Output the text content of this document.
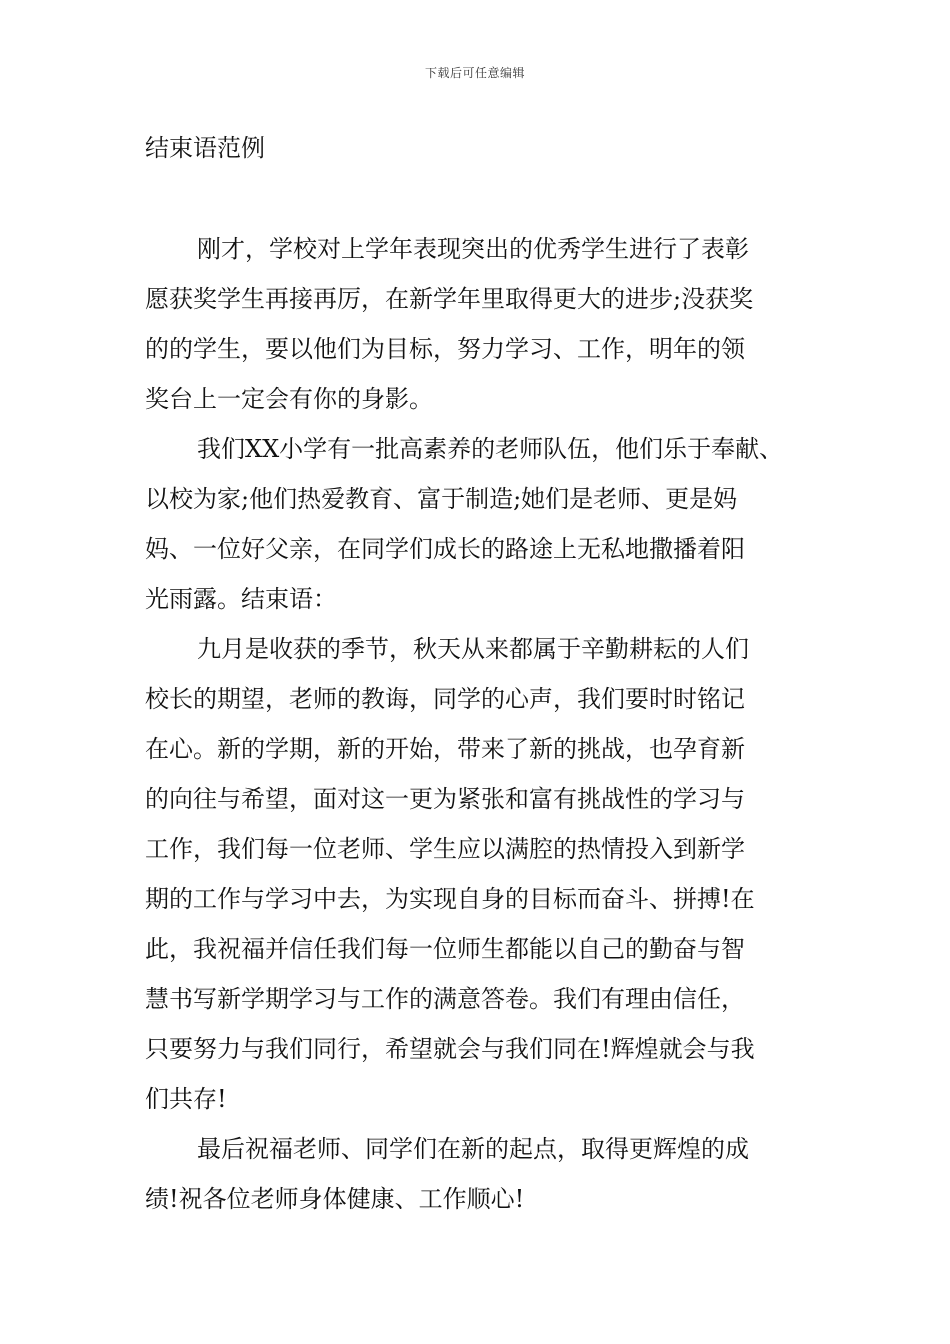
下载后可任意编辑
结束语范例
刚才，学校对上学年表现突出的优秀学生进行了表彰
愿获奖学生再接再厉，在新学年里取得更大的进步;没获奖
的的学生，要以他们为目标，努力学习、工作，明年的领
奖台上一定会有你的身影。
我们XX小学有一批高素养的老师队伍，他们乐于奉献、
以校为家;他们热爱教育、富于制造;她们是老师、更是妈
妈、一位好父亲，在同学们成长的路途上无私地撒播着阳
光雨露。结束语：
九月是收获的季节，秋天从来都属于辛勤耕耘的人们
校长的期望，老师的教诲，同学的心声，我们要时时铭记
在心。新的学期，新的开始，带来了新的挑战，也孕育新
的向往与希望，面对这一更为紧张和富有挑战性的学习与
工作，我们每一位老师、学生应以满腔的热情投入到新学
期的工作与学习中去，为实现自身的目标而奋斗、拼搏!在
此，我祝福并信任我们每一位师生都能以自己的勤奋与智
慧书写新学期学习与工作的满意答卷。我们有理由信任，
只要努力与我们同行，希望就会与我们同在!辉煌就会与我
们共存!
最后祝福老师、同学们在新的起点，取得更辉煌的成
绩!祝各位老师身体健康、工作顺心!
